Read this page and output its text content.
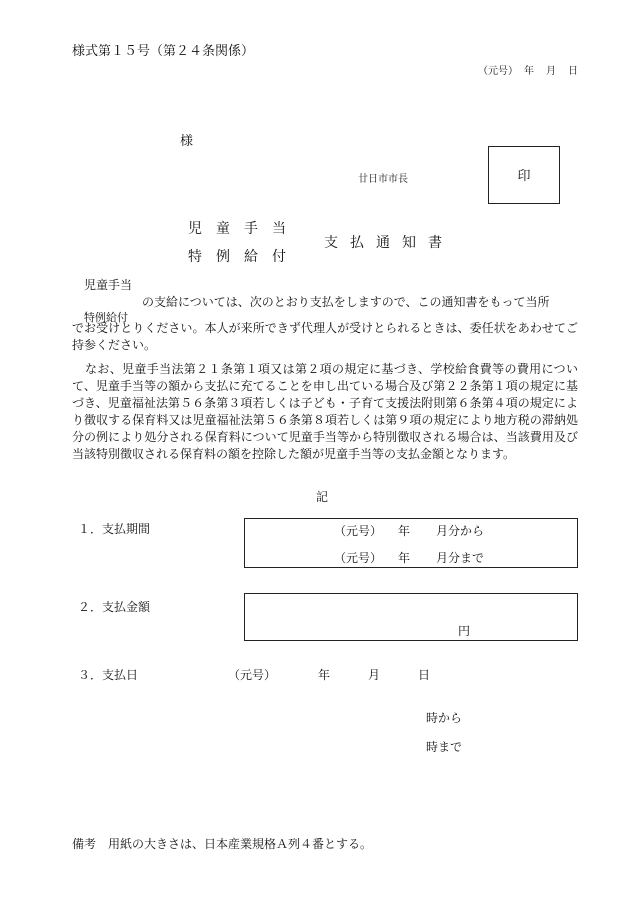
様式第１５号（第２４条関係）
（元号） 年 月 日
様
廿日市市長	印
児童手当
特例給付
支払通知書
児童手当
の支給については、次のとおり支払をしますので、この通知書をもって当所
特例給付

でお受けとりください。本人が来所できず代理人が受けとられるときは、委任状をあわせてご持参ください。

なお、児童手当法第２１条第１項又は第２項の規定に基づき、学校給食費等の費用について、児童手当等の額から支払に充てることを申し出ている場合及び第２２条第１項の規定に基づき、児童福祉法第５６条第３項若しくは子ども・子育て支援法附則第６条第４項の規定により徴収する保育料又は児童福祉法第５６条第８項若しくは第９項の規定により地方税の滞納処分の例により処分される保育料について児童手当等から特別徴収される場合は、当該費用及び当該特別徴収される保育料の額を控除した額が児童手当等の支払金額となります。

記
１．支払期間	（元号） 年 月分から
（元号） 年 月分まで
２．支払金額
円
３．支払日	（元号）	年	月	日
時から
時まで
備考　用紙の大きさは、日本産業規格Ａ列４番とする。
